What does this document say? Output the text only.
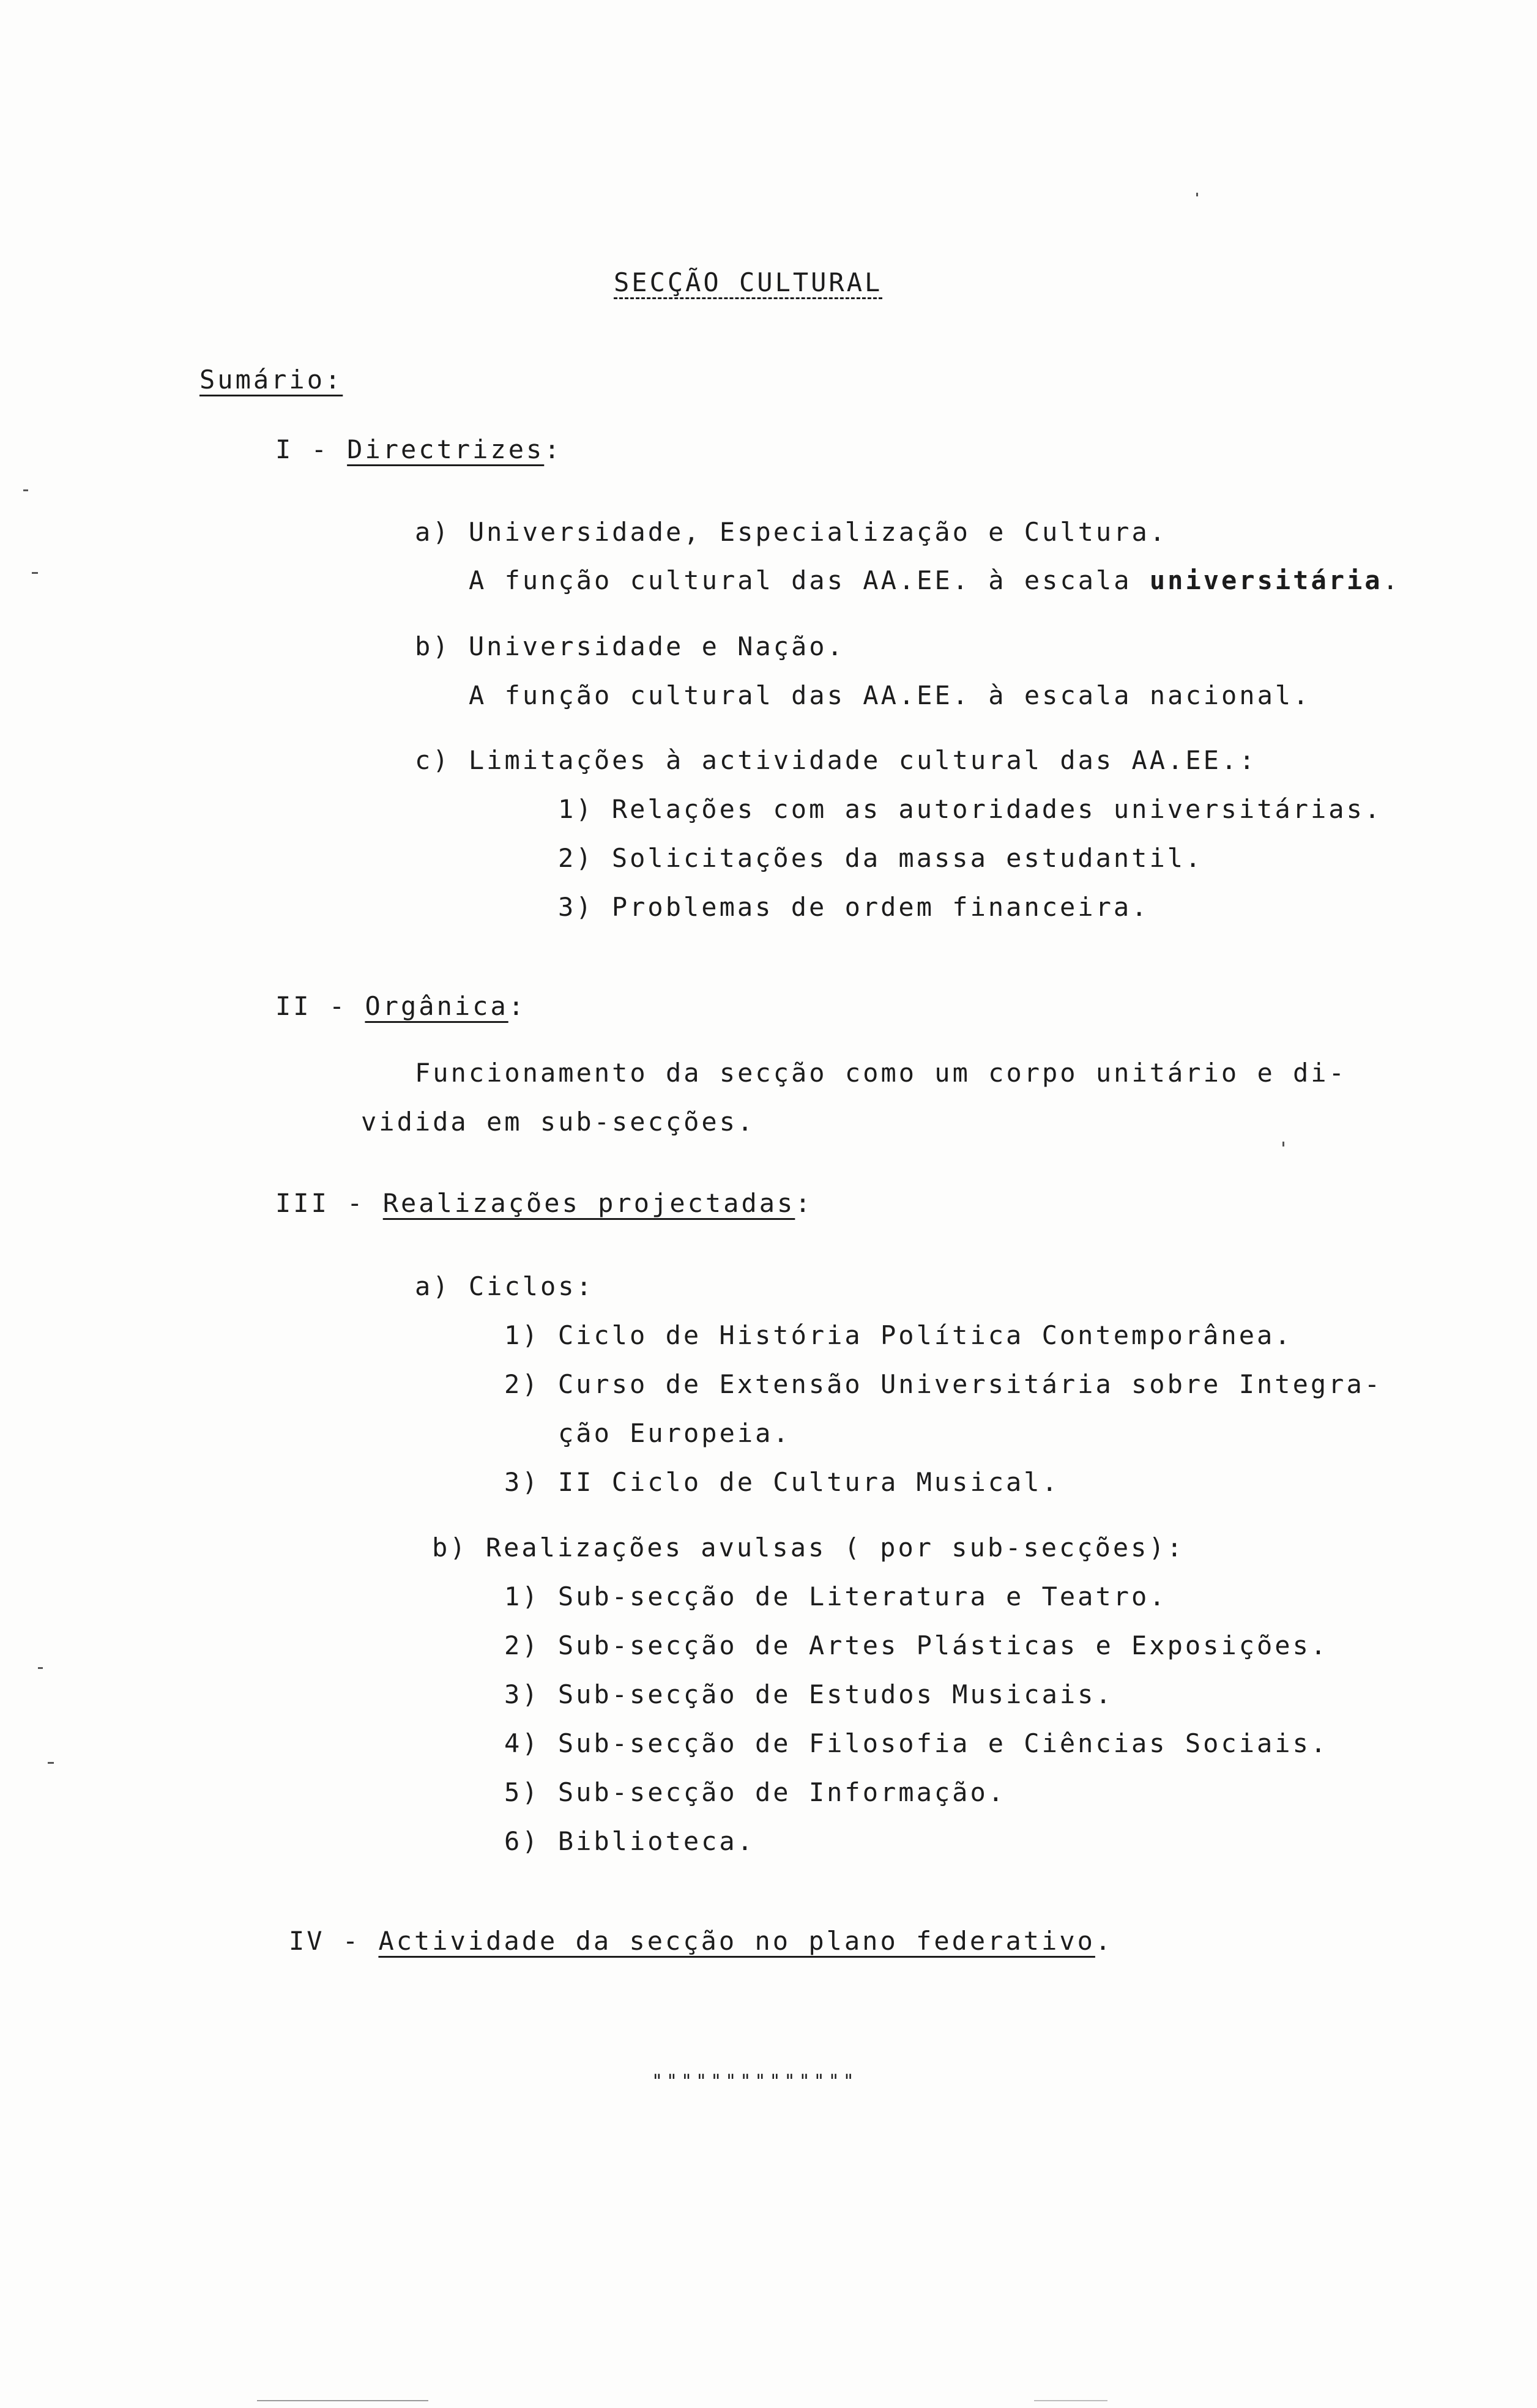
SECÇÃO CULTURAL
Sumário:
I - Directrizes:
a) Universidade, Especialização e Cultura.
A função cultural das AA.EE. à escala universitária.
b) Universidade e Nação.
A função cultural das AA.EE. à escala nacional.
c) Limitações à actividade cultural das AA.EE.:
1) Relações com as autoridades universitárias.
2) Solicitações da massa estudantil.
3) Problemas de ordem financeira.
II - Orgânica:
Funcionamento da secção como um corpo unitário e di-
vidida em sub-secções.
III - Realizações projectadas:
a) Ciclos:
1) Ciclo de História Política Contemporânea.
2) Curso de Extensão Universitária sobre Integra-
ção Europeia.
3) II Ciclo de Cultura Musical.
b) Realizações avulsas ( por sub-secções):
1) Sub-secção de Literatura e Teatro.
2) Sub-secção de Artes Plásticas e Exposições.
3) Sub-secção de Estudos Musicais.
4) Sub-secção de Filosofia e Ciências Sociais.
5) Sub-secção de Informação.
6) Biblioteca.
IV - Actividade da secção no plano federativo.
""""""""""""""
